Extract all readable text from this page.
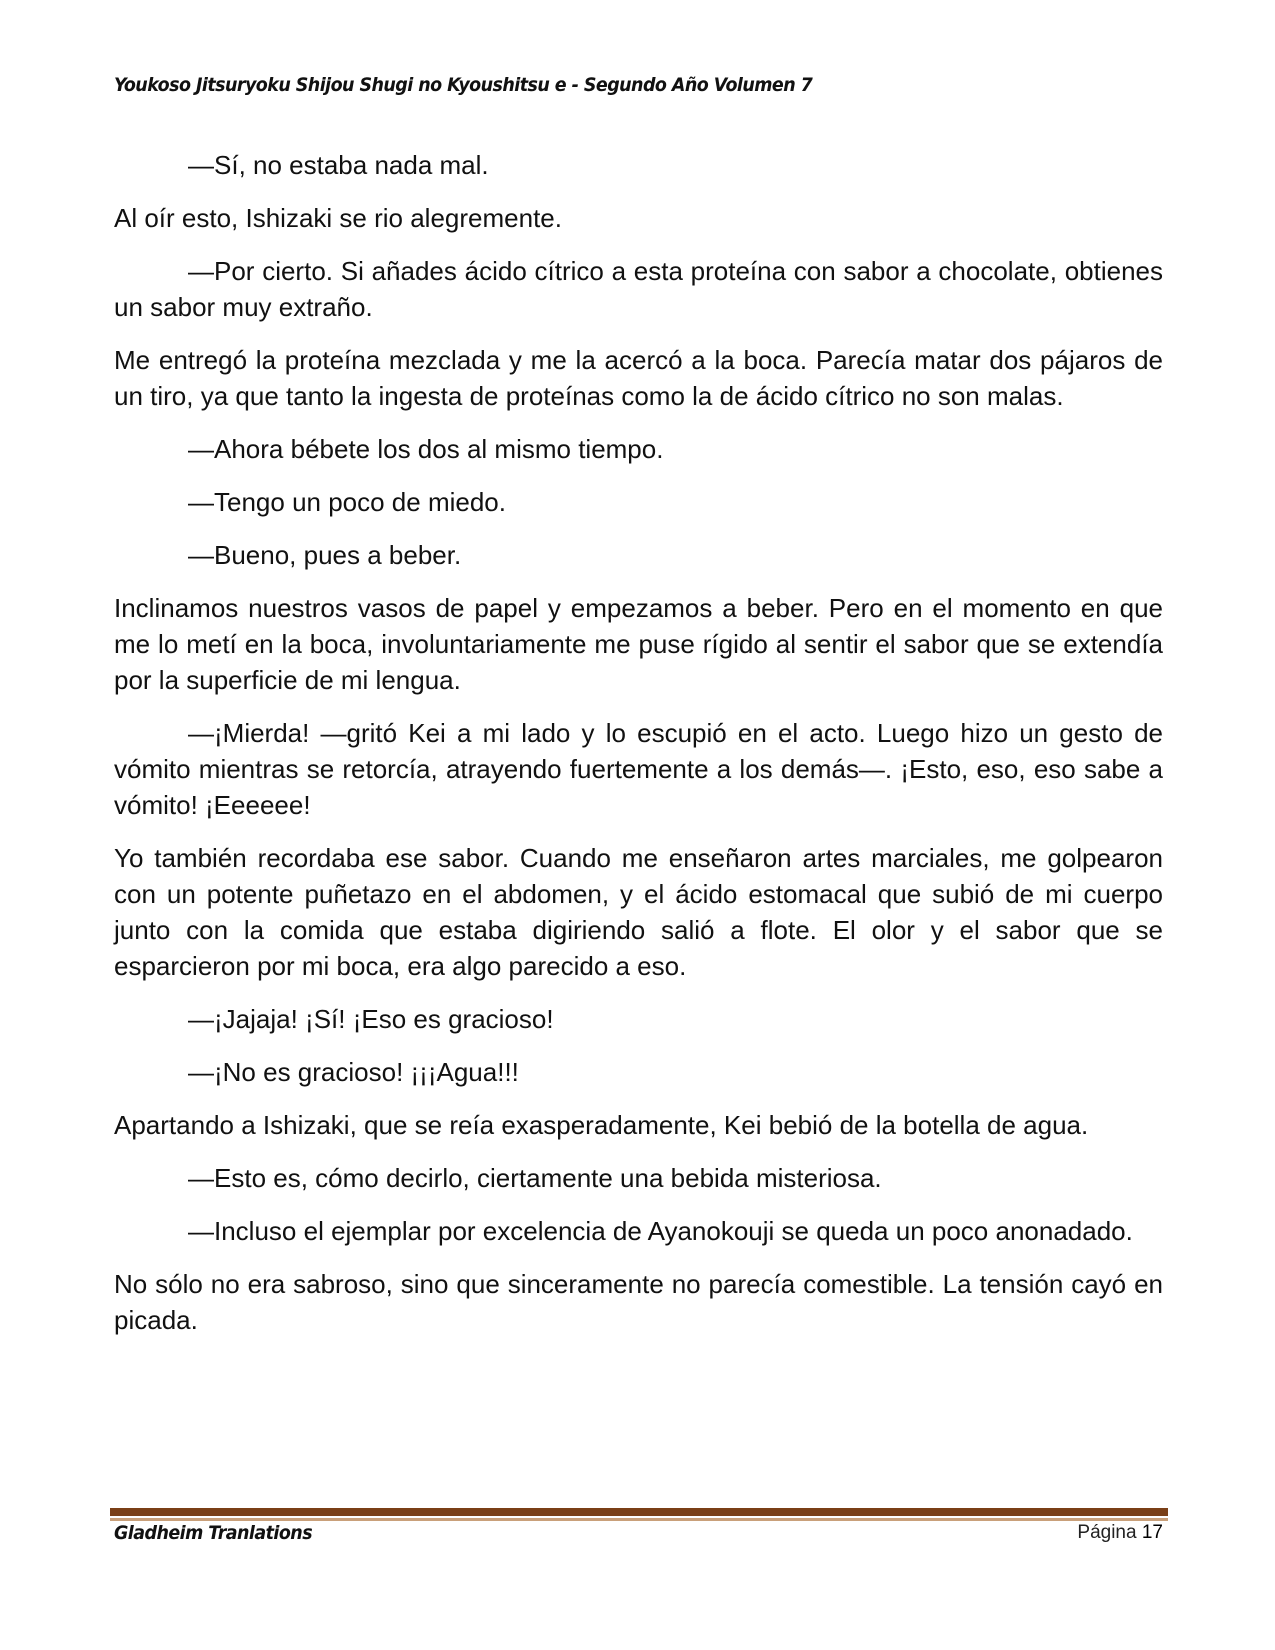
Youkoso Jitsuryoku Shijou Shugi no Kyoushitsu e - Segundo Año Volumen 7

—Sí, no estaba nada mal.

Al oír esto, Ishizaki se rio alegremente.

—Por cierto. Si añades ácido cítrico a esta proteína con sabor a chocolate, obtienes un sabor muy extraño.

Me entregó la proteína mezclada y me la acercó a la boca. Parecía matar dos pájaros de un tiro, ya que tanto la ingesta de proteínas como la de ácido cítrico no son malas.

—Ahora bébete los dos al mismo tiempo.

—Tengo un poco de miedo.

—Bueno, pues a beber.

Inclinamos nuestros vasos de papel y empezamos a beber. Pero en el momento en que me lo metí en la boca, involuntariamente me puse rígido al sentir el sabor que se extendía por la superficie de mi lengua.

—¡Mierda! —gritó Kei a mi lado y lo escupió en el acto. Luego hizo un gesto de vómito mientras se retorcía, atrayendo fuertemente a los demás—. ¡Esto, eso, eso sabe a vómito! ¡Eeeeee!

Yo también recordaba ese sabor. Cuando me enseñaron artes marciales, me golpearon con un potente puñetazo en el abdomen, y el ácido estomacal que subió de mi cuerpo junto con la comida que estaba digiriendo salió a flote. El olor y el sabor que se esparcieron por mi boca, era algo parecido a eso.

—¡Jajaja! ¡Sí! ¡Eso es gracioso!

—¡No es gracioso! ¡¡¡Agua!!!

Apartando a Ishizaki, que se reía exasperadamente, Kei bebió de la botella de agua.

—Esto es, cómo decirlo, ciertamente una bebida misteriosa.

—Incluso el ejemplar por excelencia de Ayanokouji se queda un poco anonadado.

No sólo no era sabroso, sino que sinceramente no parecía comestible. La tensión cayó en picada.

Gladheim Tranlations	Página 17
